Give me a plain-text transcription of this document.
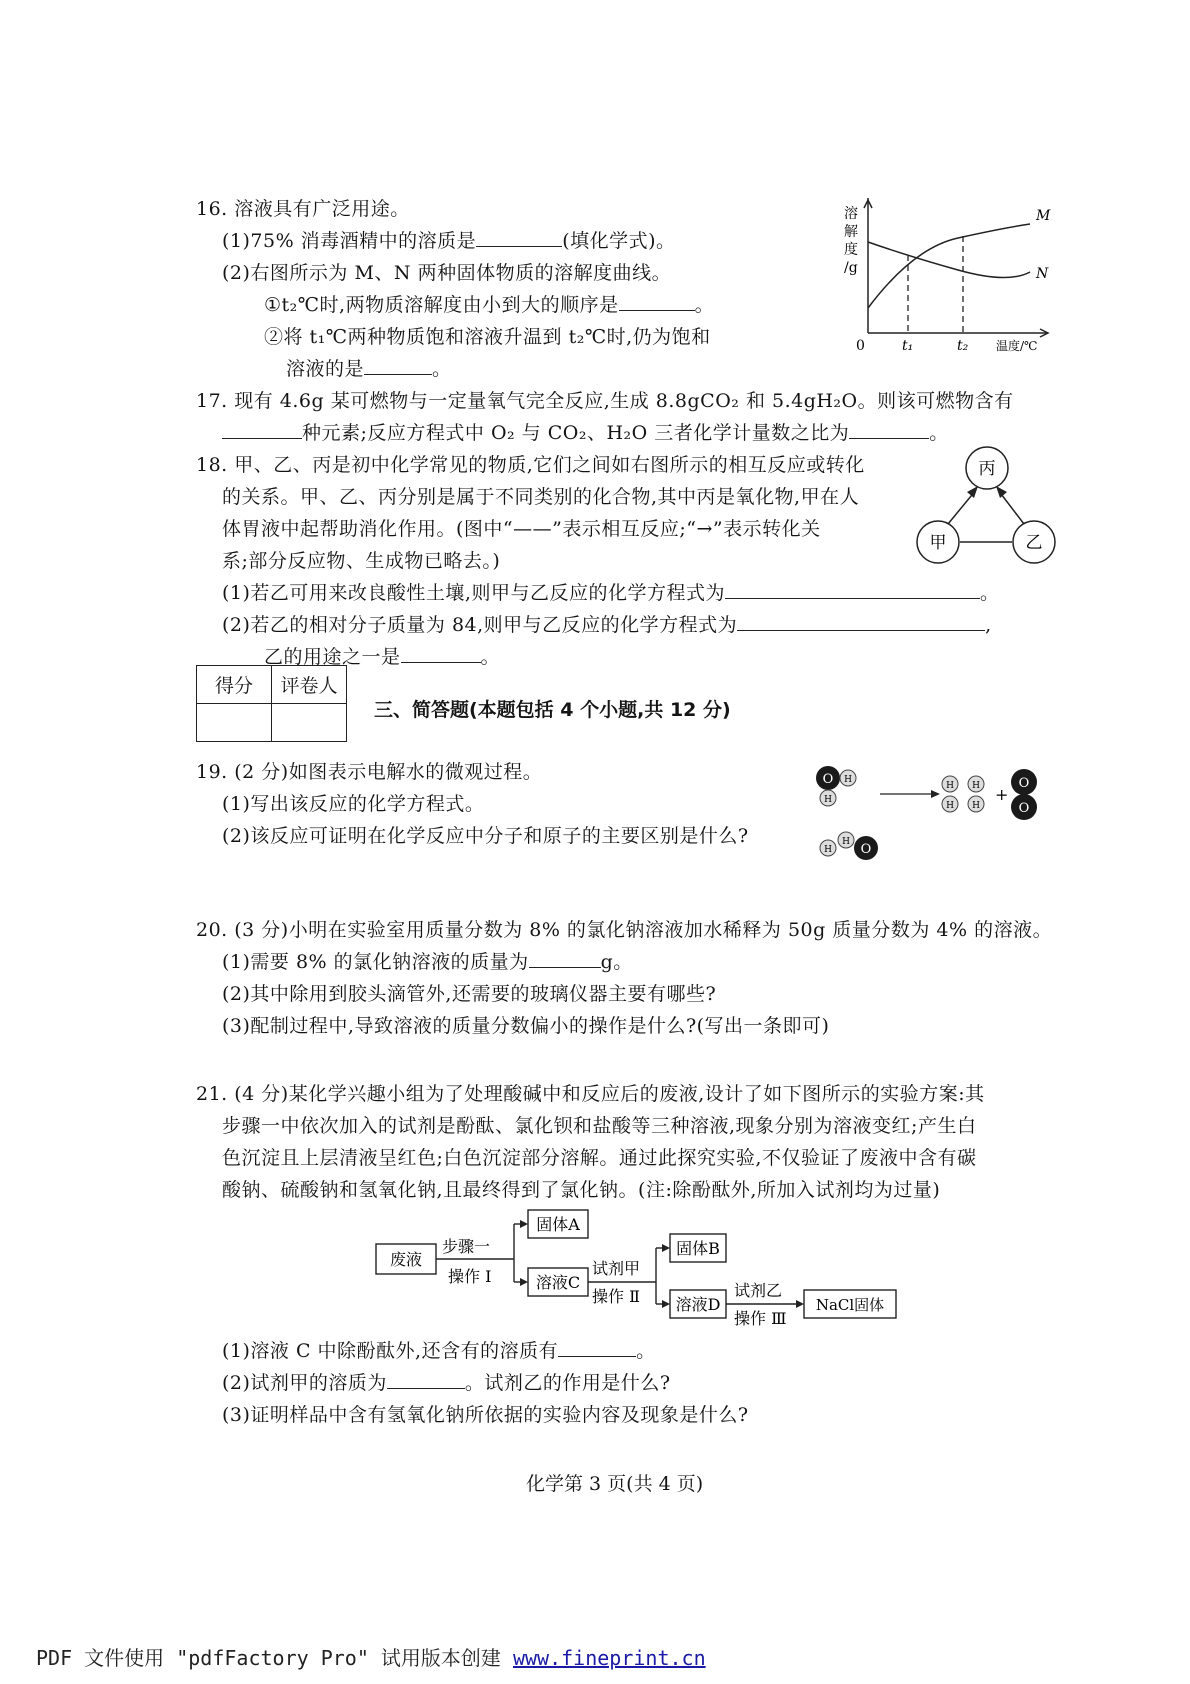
16. 溶液具有广泛用途。
(1)75% 消毒酒精中的溶质是	(填化学式)。
(2)右图所示为 M、N 两种固体物质的溶解度曲线。
①t₂℃时,两物质溶解度由小到大的顺序是	。
②将 t₁℃两种物质饱和溶液升温到 t₂℃时,仍为饱和
溶液的是	。
溶
解
度
/g
M
N
0	t₁	t₂ 温度/℃
17. 现有 4.6g 某可燃物与一定量氧气完全反应,生成 8.8gCO₂ 和 5.4gH₂O。则该可燃物含有
种元素;反应方程式中 O₂ 与 CO₂、H₂O 三者化学计量数之比为	。
18. 甲、乙、丙是初中化学常见的物质,它们之间如右图所示的相互反应或转化
的关系。甲、乙、丙分别是属于不同类别的化合物,其中丙是氧化物,甲在人
体胃液中起帮助消化作用。(图中“——”表示相互反应;“→”表示转化关
系;部分反应物、生成物已略去。)
(1)若乙可用来改良酸性土壤,则甲与乙反应的化学方程式为	。
(2)若乙的相对分子质量为 84,则甲与乙反应的化学方程式为	,
乙的用途之一是	。
丙
甲	乙
得分	评卷人

三、简答题(本题包括 4 个小题,共 12 分)
19. (2 分)如图表示电解水的微观过程。
(1)写出该反应的化学方程式。
(2)该反应可证明在化学反应中分子和原子的主要区别是什么?
O H
H
H O
H
H
H
H
H
+
O
O
20. (3 分)小明在实验室用质量分数为 8% 的氯化钠溶液加水稀释为 50g 质量分数为 4% 的溶液。
(1)需要 8% 的氯化钠溶液的质量为	g。
(2)其中除用到胶头滴管外,还需要的玻璃仪器主要有哪些?
(3)配制过程中,导致溶液的质量分数偏小的操作是什么?(写出一条即可)
21. (4 分)某化学兴趣小组为了处理酸碱中和反应后的废液,设计了如下图所示的实验方案:其
步骤一中依次加入的试剂是酚酞、氯化钡和盐酸等三种溶液,现象分别为溶液变红;产生白
色沉淀且上层清液呈红色;白色沉淀部分溶解。通过此探究实验,不仅验证了废液中含有碳
酸钠、硫酸钠和氢氧化钠,且最终得到了氯化钠。(注:除酚酞外,所加入试剂均为过量)
废液
步骤一
操作 Ⅰ
固体A
溶液C
试剂甲
操作 Ⅱ
固体B
溶液D
试剂乙
操作 Ⅲ
NaCl固体
(1)溶液 C 中除酚酞外,还含有的溶质有	。
(2)试剂甲的溶质为	。试剂乙的作用是什么?
(3)证明样品中含有氢氧化钠所依据的实验内容及现象是什么?
化学第 3 页(共 4 页)
PDF 文件使用 "pdfFactory Pro" 试用版本创建 www.fineprint.cn
